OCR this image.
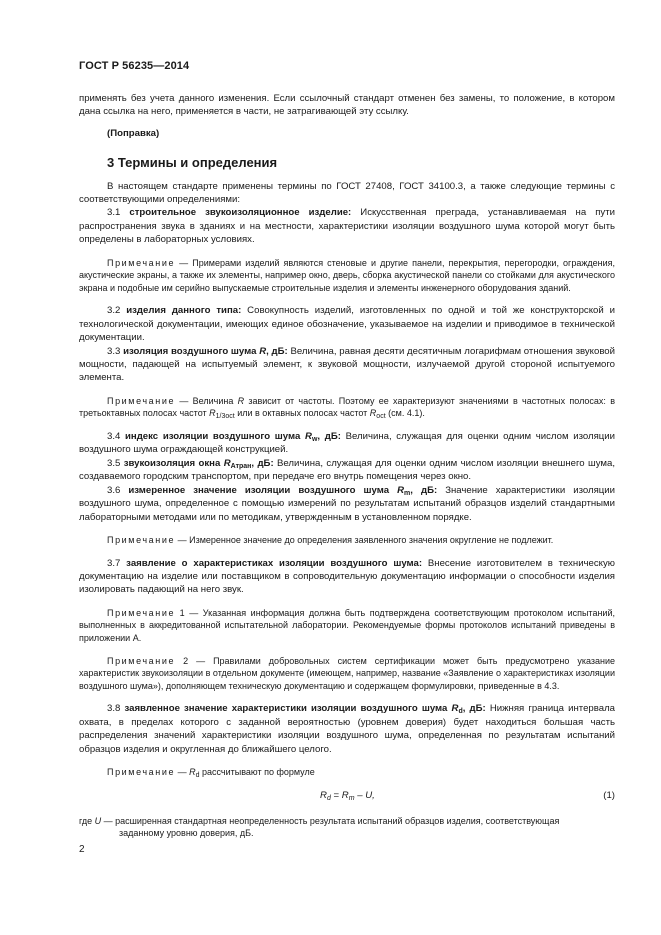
ГОСТ Р 56235—2014

применять без учета данного изменения. Если ссылочный стандарт отменен без замены, то положение, в котором дана ссылка на него, применяется в части, не затрагивающей эту ссылку.

(Поправка)

3 Термины и определения

В настоящем стандарте применены термины по ГОСТ 27408, ГОСТ 34100.3, а также следующие термины с соответствующими определениями:

3.1 строительное звукоизоляционное изделие: Искусственная преграда, устанавливаемая на пути распространения звука в зданиях и на местности, характеристики изоляции воздушного шума которой могут быть определены в лабораторных условиях.

Примечание — Примерами изделий являются стеновые и другие панели, перекрытия, перегородки, ограждения, акустические экраны, а также их элементы, например окно, дверь, сборка акустической панели со стойками для акустического экрана и подобные им серийно выпускаемые строительные изделия и элементы инженерного оборудования зданий.

3.2 изделия данного типа: Совокупность изделий, изготовленных по одной и той же конструкторской и технологической документации, имеющих единое обозначение, указываемое на изделии и приводимое в технической документации.

3.3 изоляция воздушного шума R, дБ: Величина, равная десяти десятичным логарифмам отношения звуковой мощности, падающей на испытуемый элемент, к звуковой мощности, излучаемой другой стороной испытуемого элемента.

Примечание — Величина R зависит от частоты. Поэтому ее характеризуют значениями в частотных полосах: в третьоктавных полосах частот $R_{1/3oct}$ или в октавных полосах частот $R_{oct}$ (см. 4.1).

3.4 индекс изоляции воздушного шума $R_w$, дБ: Величина, служащая для оценки одним числом изоляции воздушного шума ограждающей конструкцией.

3.5 звукоизоляция окна $R_{Атран}$, дБ: Величина, служащая для оценки одним числом изоляции внешнего шума, создаваемого городским транспортом, при передаче его внутрь помещения через окно.

3.6 измеренное значение изоляции воздушного шума $R_m$, дБ: Значение характеристики изоляции воздушного шума, определенное с помощью измерений по результатам испытаний образцов изделий стандартными лабораторными методами или по методикам, утвержденным в установленном порядке.

Примечание — Измеренное значение до определения заявленного значения округление не подлежит.

3.7 заявление о характеристиках изоляции воздушного шума: Внесение изготовителем в техническую документацию на изделие или поставщиком в сопроводительную документацию информации о способности изделия изолировать падающий на него звук.

Примечание 1 — Указанная информация должна быть подтверждена соответствующим протоколом испытаний, выполненных в аккредитованной испытательной лаборатории. Рекомендуемые формы протоколов испытаний приведены в приложении А.

Примечание 2 — Правилами добровольных систем сертификации может быть предусмотрено указание характеристик звукоизоляции в отдельном документе (имеющем, например, название «Заявление о характеристиках изоляции воздушного шума»), дополняющем техническую документацию и содержащем формулировки, приведенные в 4.3.

3.8 заявленное значение характеристики изоляции воздушного шума $R_d$, дБ: Нижняя граница интервала охвата, в пределах которого с заданной вероятностью (уровнем доверия) будет находиться большая часть распределения значений характеристики изоляции воздушного шума, определенная по результатам испытаний образцов изделия и округленная до ближайшего целого.

Примечание — $R_d$ рассчитывают по формуле

$R_d = R_m - U$,	(1)

где U — расширенная стандартная неопределенность результата испытаний образцов изделия, соответствующая

заданному уровню доверия, дБ.

2
